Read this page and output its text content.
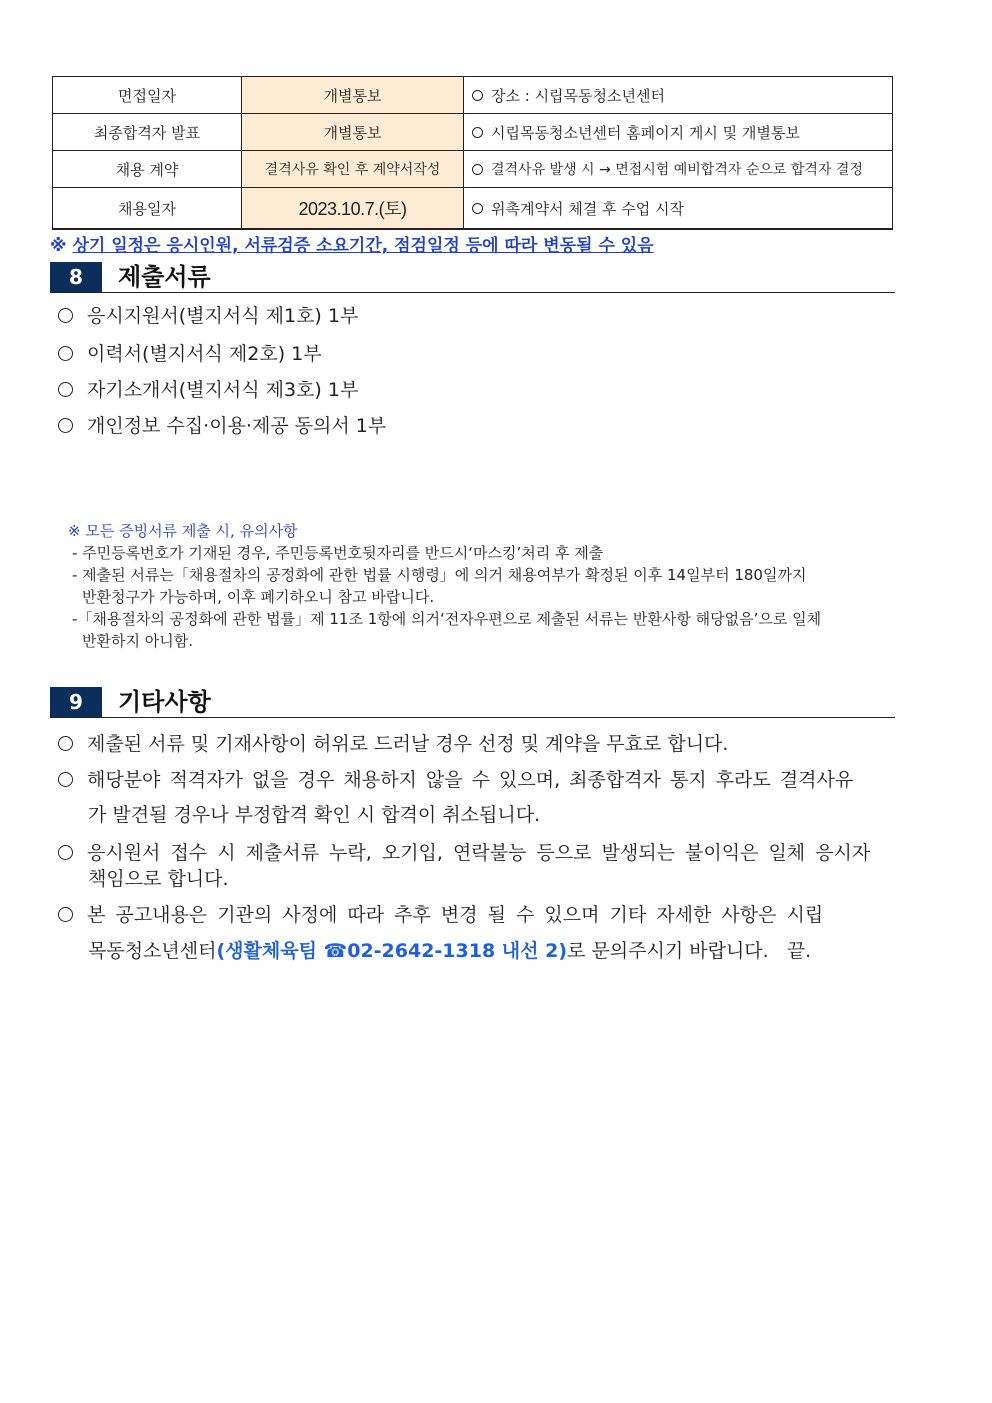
면접일자	개별통보	장소 : 시립목동청소년센터
최종합격자 발표	개별통보	시립목동청소년센터 홈페이지 게시 및 개별통보
채용 계약	결격사유 확인 후 계약서작성	결격사유 발생 시 → 면접시험 예비합격자 순으로 합격자 결정
채용일자	2023.10.7.(토)	위촉계약서 체결 후 수업 시작
※ 상기 일정은 응시인원, 서류검증 소요기간, 점검일정 등에 따라 변동될 수 있음
8	제출서류
응시지원서(별지서식 제1호) 1부
이력서(별지서식 제2호) 1부
자기소개서(별지서식 제3호) 1부
개인정보 수집·이용·제공 동의서 1부
※ 모든 증빙서류 제출 시, 유의사항
- 주민등록번호가 기재된 경우, 주민등록번호뒷자리를 반드시‘마스킹’처리 후 제출
- 제출된 서류는「채용절차의 공정화에 관한 법률 시행령」에 의거 채용여부가 확정된 이후 14일부터 180일까지
반환청구가 가능하며, 이후 폐기하오니 참고 바랍니다.
-「채용절차의 공정화에 관한 법률」제 11조 1항에 의거‘전자우편으로 제출된 서류는 반환사항 해당없음’으로 일체
반환하지 아니함.
9	기타사항
제출된 서류 및 기재사항이 허위로 드러날 경우 선정 및 계약을 무효로 합니다.
해당분야 적격자가 없을 경우 채용하지 않을 수 있으며, 최종합격자 통지 후라도 결격사유
가 발견될 경우나 부정합격 확인 시 합격이 취소됩니다.
응시원서 접수 시 제출서류 누락, 오기입, 연락불능 등으로 발생되는 불이익은 일체 응시자
책임으로 합니다.
본 공고내용은 기관의 사정에 따라 추후 변경 될 수 있으며 기타 자세한 사항은 시립
목동청소년센터(생활체육팀 ☎02-2642-1318 내선 2)로 문의주시기 바랍니다.   끝.
